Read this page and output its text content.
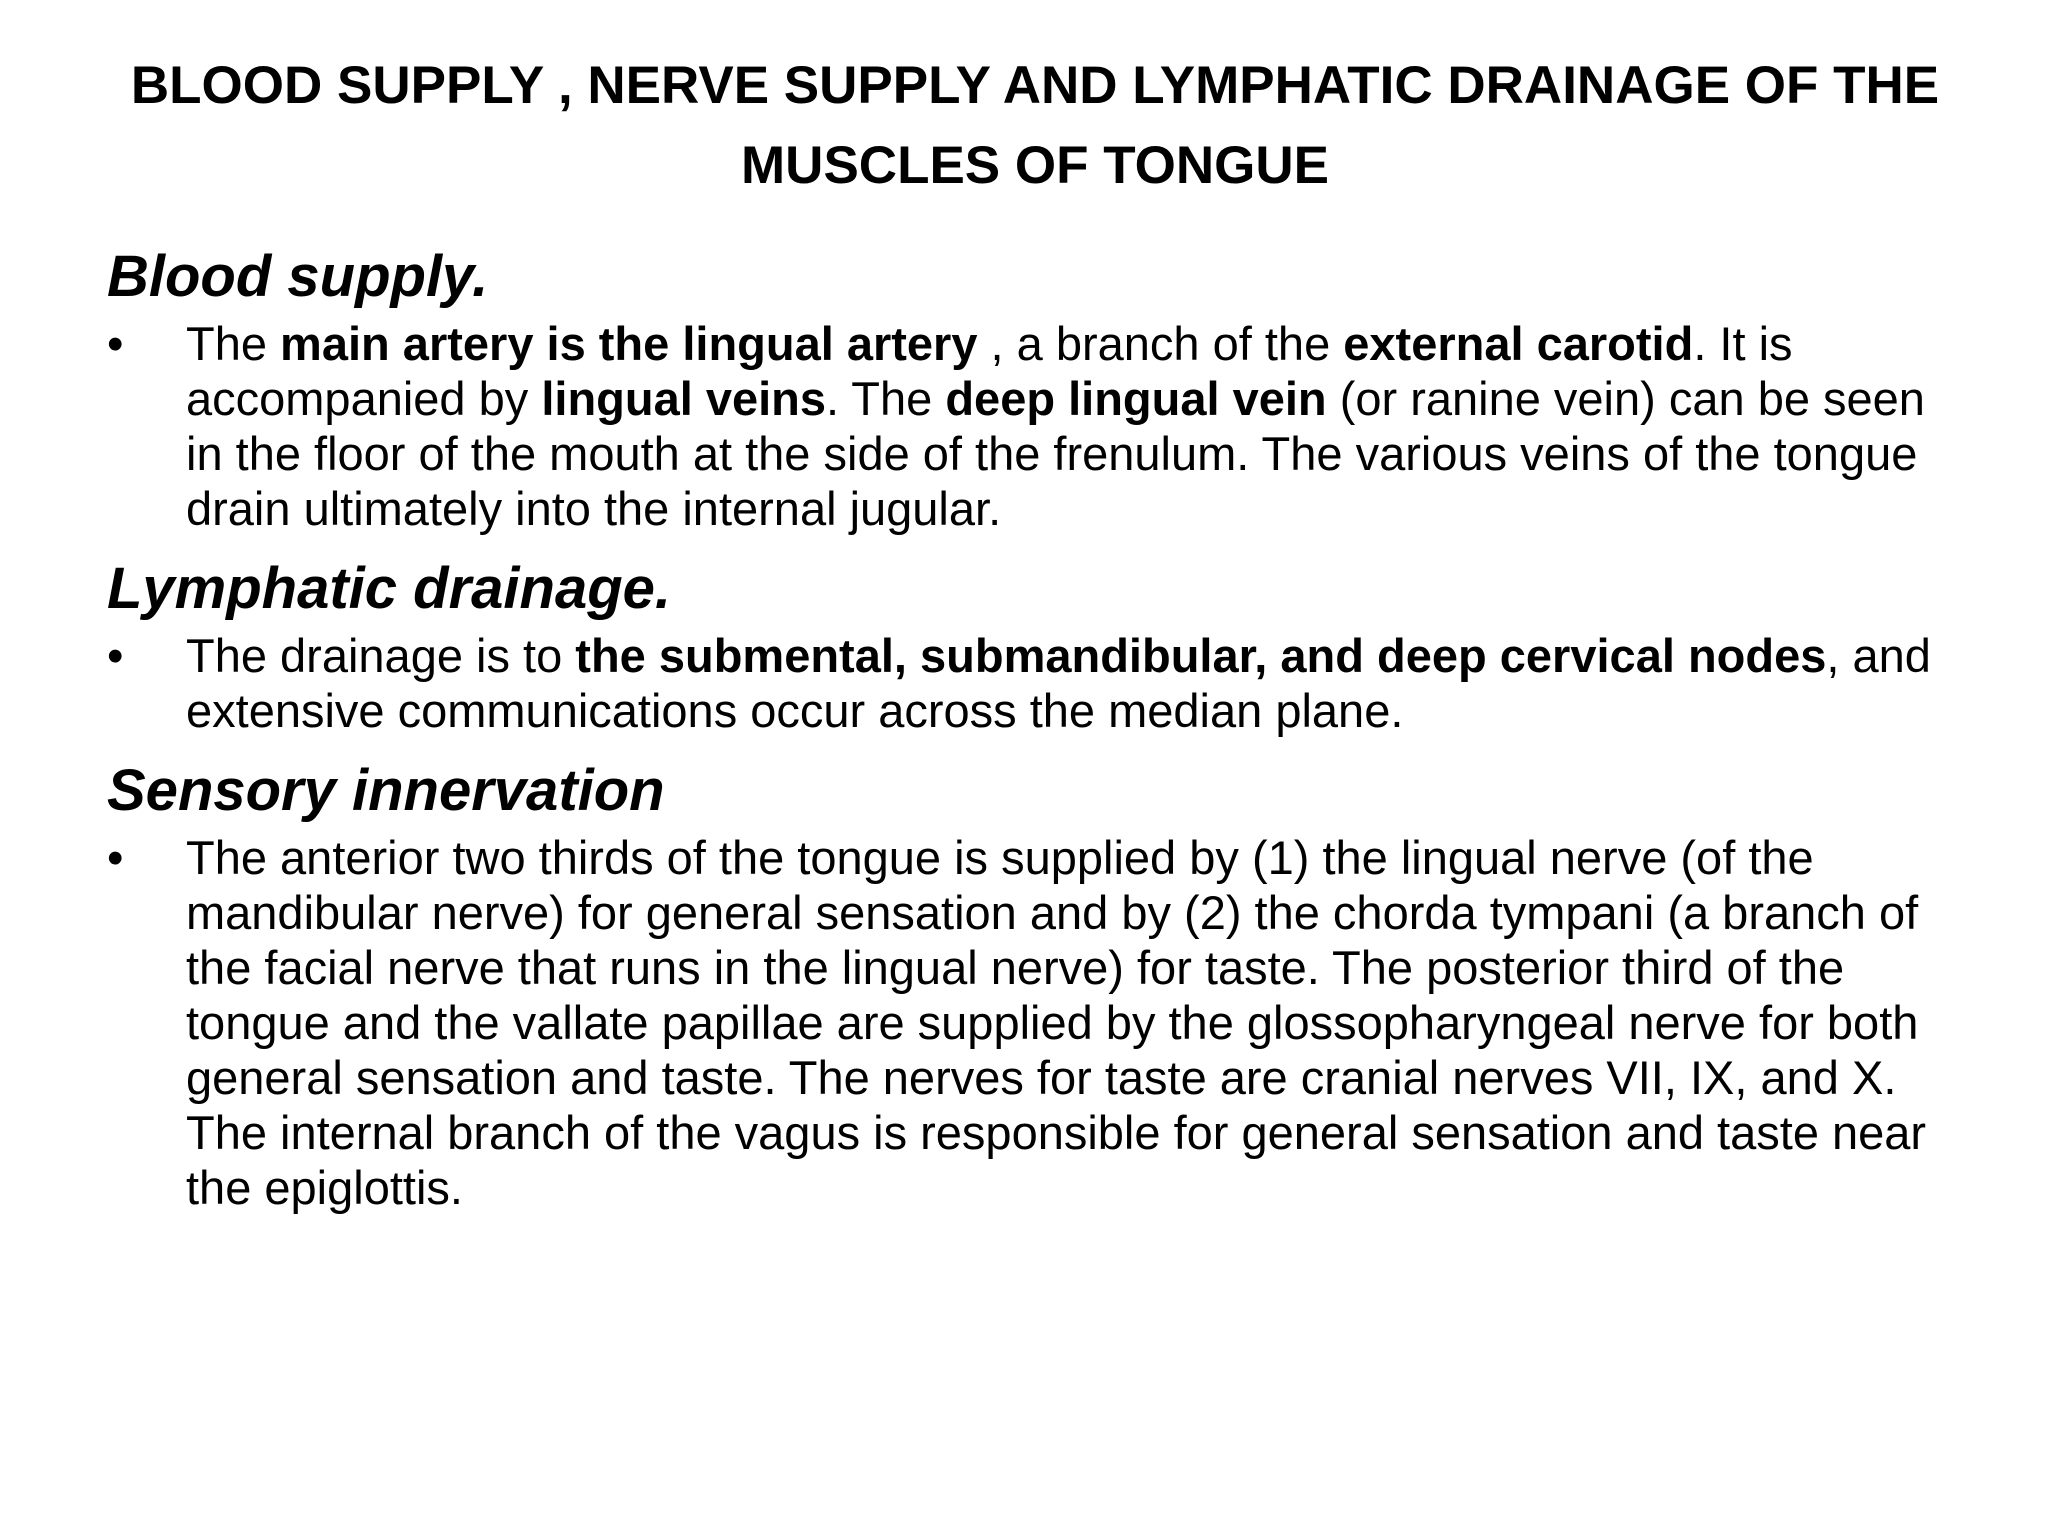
BLOOD SUPPLY , NERVE SUPPLY AND LYMPHATIC DRAINAGE OF THE MUSCLES OF TONGUE
Blood supply.
•	The main artery is the lingual artery , a branch of the external carotid. It is accompanied by lingual veins. The deep lingual vein (or ranine vein) can be seen in the floor of the mouth at the side of the frenulum. The various veins of the tongue drain ultimately into the internal jugular.
Lymphatic drainage.
•	The drainage is to the submental, submandibular, and deep cervical nodes, and extensive communications occur across the median plane.
Sensory innervation
•	The anterior two thirds of the tongue is supplied by (1) the lingual nerve (of the mandibular nerve) for general sensation and by (2) the chorda tympani (a branch of the facial nerve that runs in the lingual nerve) for taste. The posterior third of the tongue and the vallate papillae are supplied by the glossopharyngeal nerve for both general sensation and taste. The nerves for taste are cranial nerves VII, IX, and X. The internal branch of the vagus is responsible for general sensation and taste near the epiglottis.
